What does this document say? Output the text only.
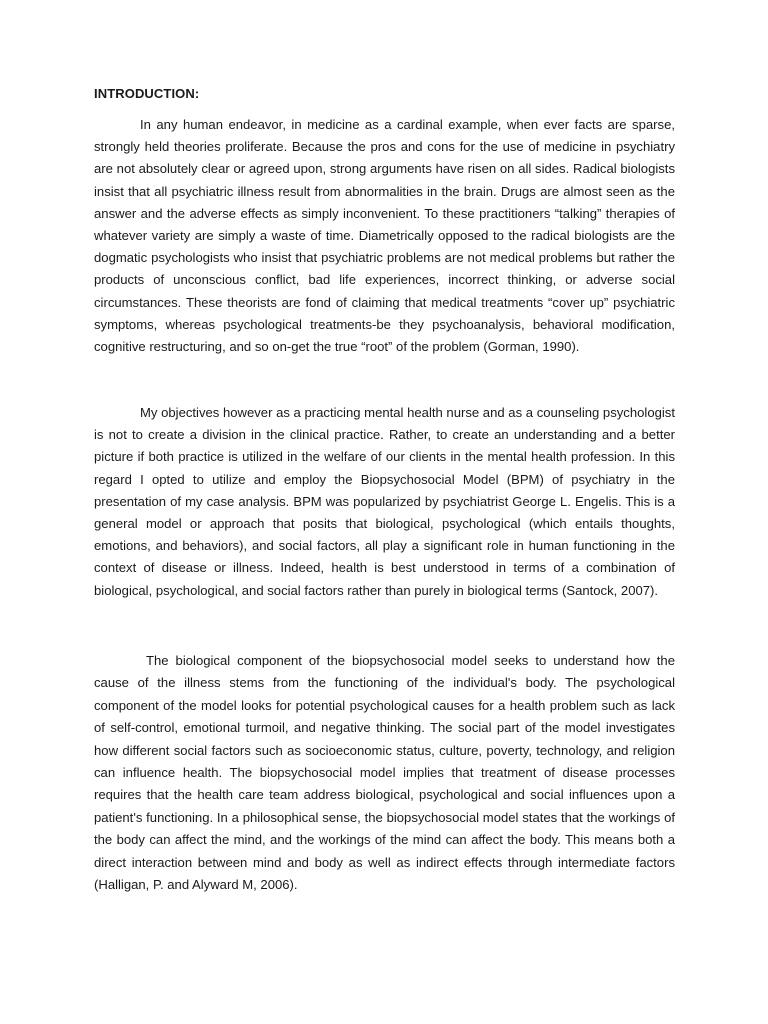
INTRODUCTION:

In any human endeavor, in medicine as a cardinal example, when ever facts are sparse, strongly held theories proliferate. Because the pros and cons for the use of medicine in psychiatry are not absolutely clear or agreed upon, strong arguments have risen on all sides. Radical biologists insist that all psychiatric illness result from abnormalities in the brain. Drugs are almost seen as the answer and the adverse effects as simply inconvenient. To these practitioners “talking” therapies of whatever variety are simply a waste of time. Diametrically opposed to the radical biologists are the dogmatic psychologists who insist that psychiatric problems are not medical problems but rather the products of unconscious conflict, bad life experiences, incorrect thinking, or adverse social circumstances. These theorists are fond of claiming that medical treatments “cover up” psychiatric symptoms, whereas psychological treatments-be they psychoanalysis, behavioral modification, cognitive restructuring, and so on-get the true “root” of the problem (Gorman, 1990).

My objectives however as a practicing mental health nurse and as a counseling psychologist is not to create a division in the clinical practice. Rather, to create an understanding and a better picture if both practice is utilized in the welfare of our clients in the mental health profession. In this regard I opted to utilize and employ the Biopsychosocial Model (BPM) of psychiatry in the presentation of my case analysis. BPM was popularized by psychiatrist George L. Engelis. This is a general model or approach that posits that biological, psychological (which entails thoughts, emotions, and behaviors), and social factors, all play a significant role in human functioning in the context of disease or illness. Indeed, health is best understood in terms of a combination of biological, psychological, and social factors rather than purely in biological terms (Santock, 2007).

The biological component of the biopsychosocial model seeks to understand how the cause of the illness stems from the functioning of the individual's body. The psychological component of the model looks for potential psychological causes for a health problem such as lack of self-control, emotional turmoil, and negative thinking. The social part of the model investigates how different social factors such as socioeconomic status, culture, poverty, technology, and religion can influence health. The biopsychosocial model implies that treatment of disease processes requires that the health care team address biological, psychological and social influences upon a patient's functioning. In a philosophical sense, the biopsychosocial model states that the workings of the body can affect the mind, and the workings of the mind can affect the body. This means both a direct interaction between mind and body as well as indirect effects through intermediate factors (Halligan, P. and Alyward M, 2006).
